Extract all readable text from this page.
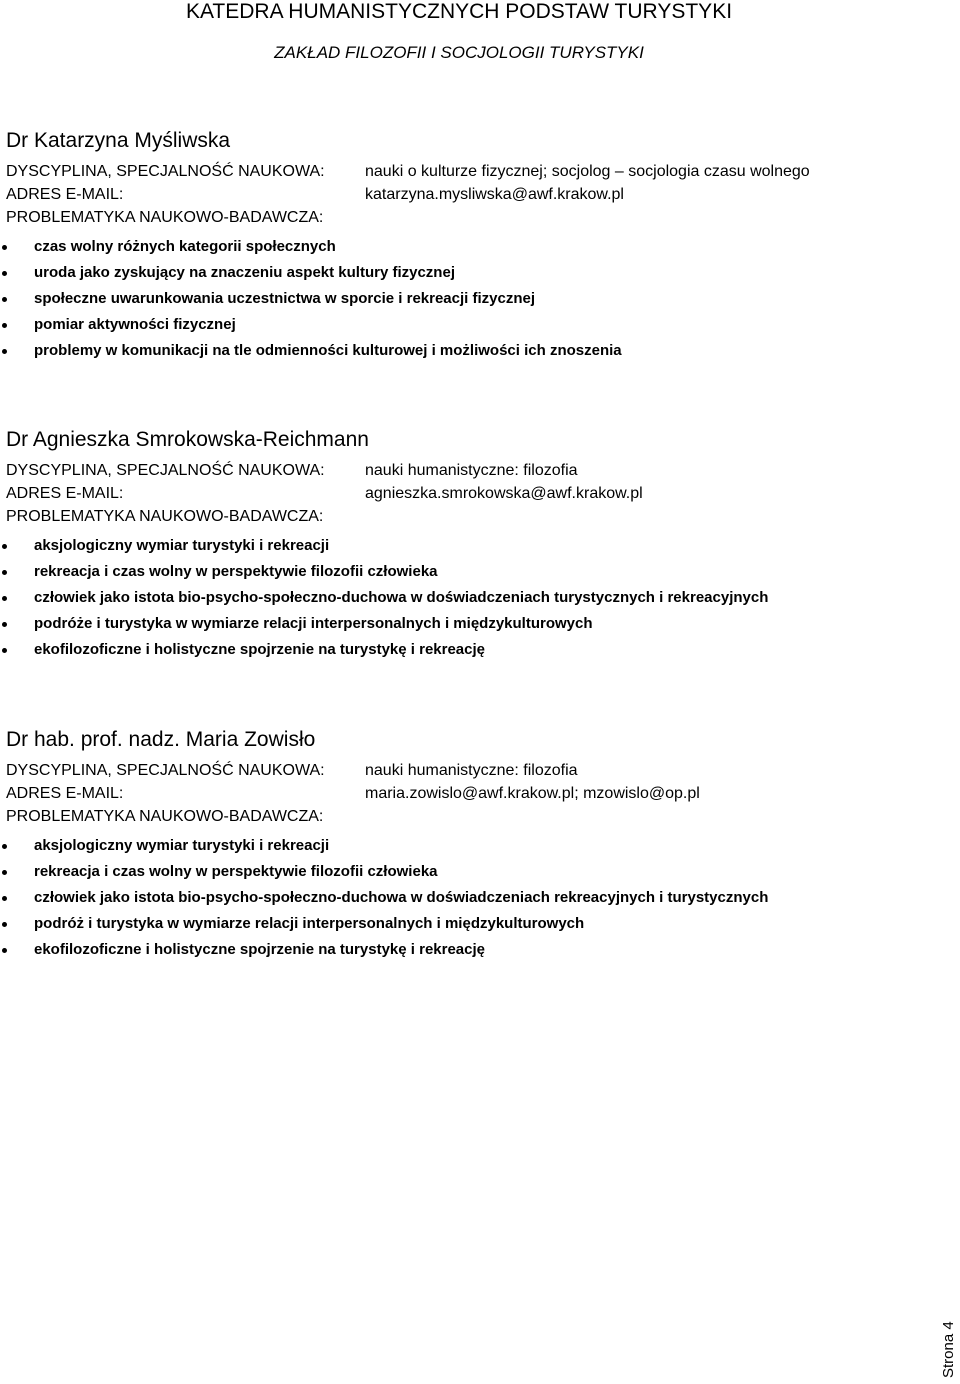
KATEDRA HUMANISTYCZNYCH PODSTAW TURYSTYKI
ZAKŁAD FILOZOFII I SOCJOLOGII TURYSTYKI
Dr Katarzyna Myśliwska
DYSCYPLINA, SPECJALNOŚĆ NAUKOWA:	nauki o kulturze fizycznej; socjolog – socjologia czasu wolnego
ADRES E-MAIL:	katarzyna.mysliwska@awf.krakow.pl
PROBLEMATYKA NAUKOWO-BADAWCZA:
czas wolny różnych kategorii społecznych
uroda jako zyskujący na znaczeniu aspekt kultury fizycznej
społeczne uwarunkowania uczestnictwa w sporcie i rekreacji fizycznej
pomiar aktywności fizycznej
problemy w komunikacji na tle odmienności kulturowej i możliwości ich znoszenia
Dr Agnieszka Smrokowska-Reichmann
DYSCYPLINA, SPECJALNOŚĆ NAUKOWA:	nauki humanistyczne: filozofia
ADRES E-MAIL:	agnieszka.smrokowska@awf.krakow.pl
PROBLEMATYKA NAUKOWO-BADAWCZA:
aksjologiczny wymiar turystyki i rekreacji
rekreacja i czas wolny w perspektywie filozofii człowieka
człowiek jako istota bio-psycho-społeczno-duchowa w doświadczeniach turystycznych i rekreacyjnych
podróże i turystyka w wymiarze relacji interpersonalnych i międzykulturowych
ekofilozoficzne i holistyczne spojrzenie na turystykę i rekreację
Dr hab. prof. nadz. Maria Zowisło
DYSCYPLINA, SPECJALNOŚĆ NAUKOWA:	nauki humanistyczne: filozofia
ADRES E-MAIL:	maria.zowislo@awf.krakow.pl; mzowislo@op.pl
PROBLEMATYKA NAUKOWO-BADAWCZA:
aksjologiczny wymiar turystyki i rekreacji
rekreacja i czas wolny w perspektywie filozofii człowieka
człowiek jako istota bio-psycho-społeczno-duchowa w doświadczeniach rekreacyjnych i turystycznych
podróż i turystyka w wymiarze relacji interpersonalnych i międzykulturowych
ekofilozoficzne i holistyczne spojrzenie na turystykę i rekreację
Strona 4
